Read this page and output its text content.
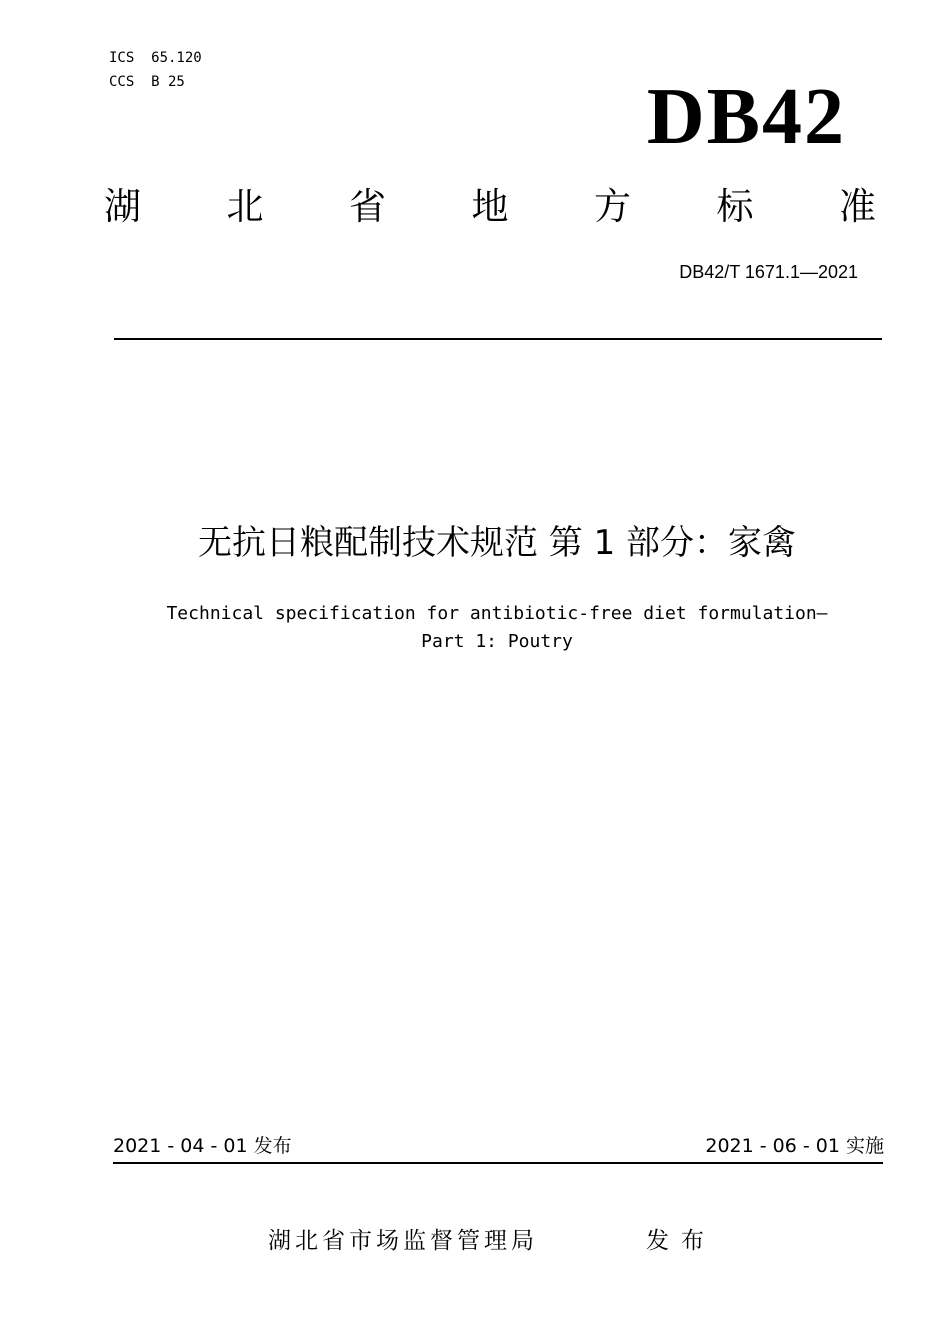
ICS  65.120
CCS  B 25	DB42
湖 北 省 地 方 标 准
DB42/T 1671.1—2021
无抗日粮配制技术规范 第 1 部分：家禽
Technical specification for antibiotic-free diet formulation—
Part 1: Poutry
2021 - 04 - 01 发布	2021 - 06 - 01 实施
湖北省市场监督管理局	发布
